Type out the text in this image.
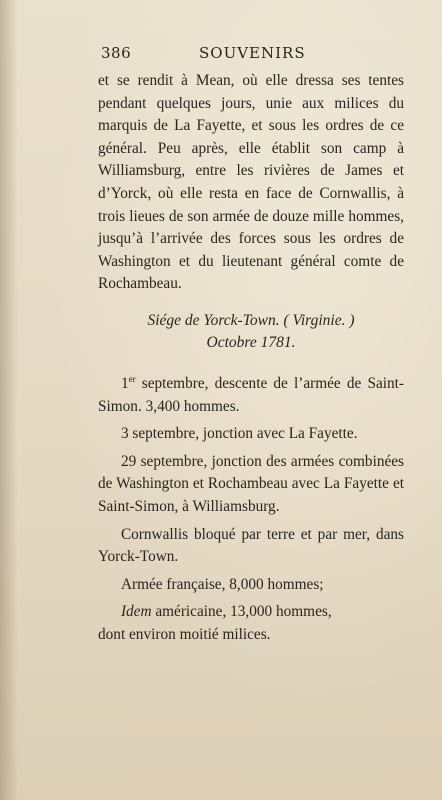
386	SOUVENIRS

et se rendit à Mean, où elle dressa ses tentes pendant quelques jours, unie aux milices du marquis de La Fayette, et sous les ordres de ce général. Peu après, elle établit son camp à Williamsburg, entre les rivières de James et d’Yorck, où elle resta en face de Cornwallis, à trois lieues de son armée de douze mille hommes, jusqu’à l’arrivée des forces sous les ordres de Washington et du lieutenant général comte de Rochambeau.

Siége de Yorck-Town. ( Virginie. )
Octobre 1781.

1er septembre, descente de l’armée de Saint-Simon. 3,400 hommes.

3 septembre, jonction avec La Fayette.

29 septembre, jonction des armées combinées de Washington et Rochambeau avec La Fayette et Saint-Simon, à Williamsburg.

Cornwallis bloqué par terre et par mer, dans Yorck-Town.

Armée française, 8,000 hommes;

Idem américaine, 13,000 hommes,

dont environ moitié milices.
